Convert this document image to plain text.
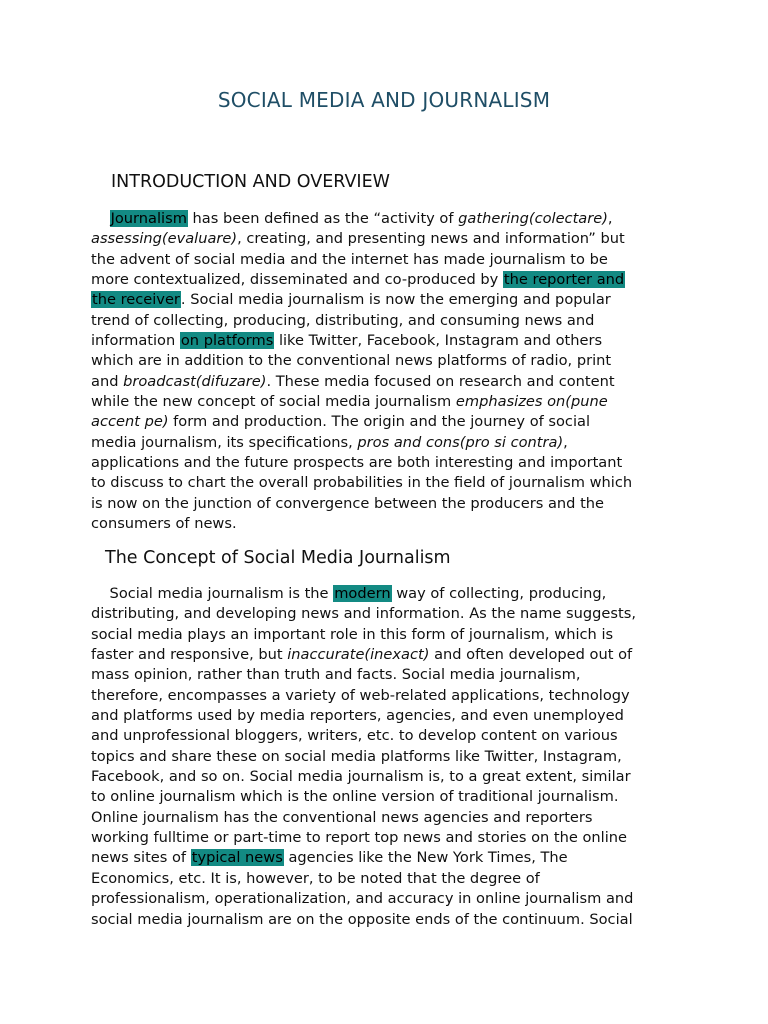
SOCIAL MEDIA AND JOURNALISM
INTRODUCTION AND OVERVIEW

Journalism has been defined as the “activity of gathering(colectare),
assessing(evaluare), creating, and presenting news and information” but
the advent of social media and the internet has made journalism to be
more contextualized, disseminated and co-produced by the reporter and
the receiver. Social media journalism is now the emerging and popular
trend of collecting, producing, distributing, and consuming news and
information on platforms like Twitter, Facebook, Instagram and others
which are in addition to the conventional news platforms of radio, print
and broadcast(difuzare). These media focused on research and content
while the new concept of social media journalism emphasizes on(pune
accent pe) form and production. The origin and the journey of social
media journalism, its specifications, pros and cons(pro si contra),
applications and the future prospects are both interesting and important
to discuss to chart the overall probabilities in the field of journalism which
is now on the junction of convergence between the producers and the
consumers of news.

The Concept of Social Media Journalism

Social media journalism is the modern way of collecting, producing,
distributing, and developing news and information. As the name suggests,
social media plays an important role in this form of journalism, which is
faster and responsive, but inaccurate(inexact) and often developed out of
mass opinion, rather than truth and facts. Social media journalism,
therefore, encompasses a variety of web-related applications, technology
and platforms used by media reporters, agencies, and even unemployed
and unprofessional bloggers, writers, etc. to develop content on various
topics and share these on social media platforms like Twitter, Instagram,
Facebook, and so on. Social media journalism is, to a great extent, similar
to online journalism which is the online version of traditional journalism.
Online journalism has the conventional news agencies and reporters
working fulltime or part-time to report top news and stories on the online
news sites of typical news agencies like the New York Times, The
Economics, etc. It is, however, to be noted that the degree of
professionalism, operationalization, and accuracy in online journalism and
social media journalism are on the opposite ends of the continuum. Social
